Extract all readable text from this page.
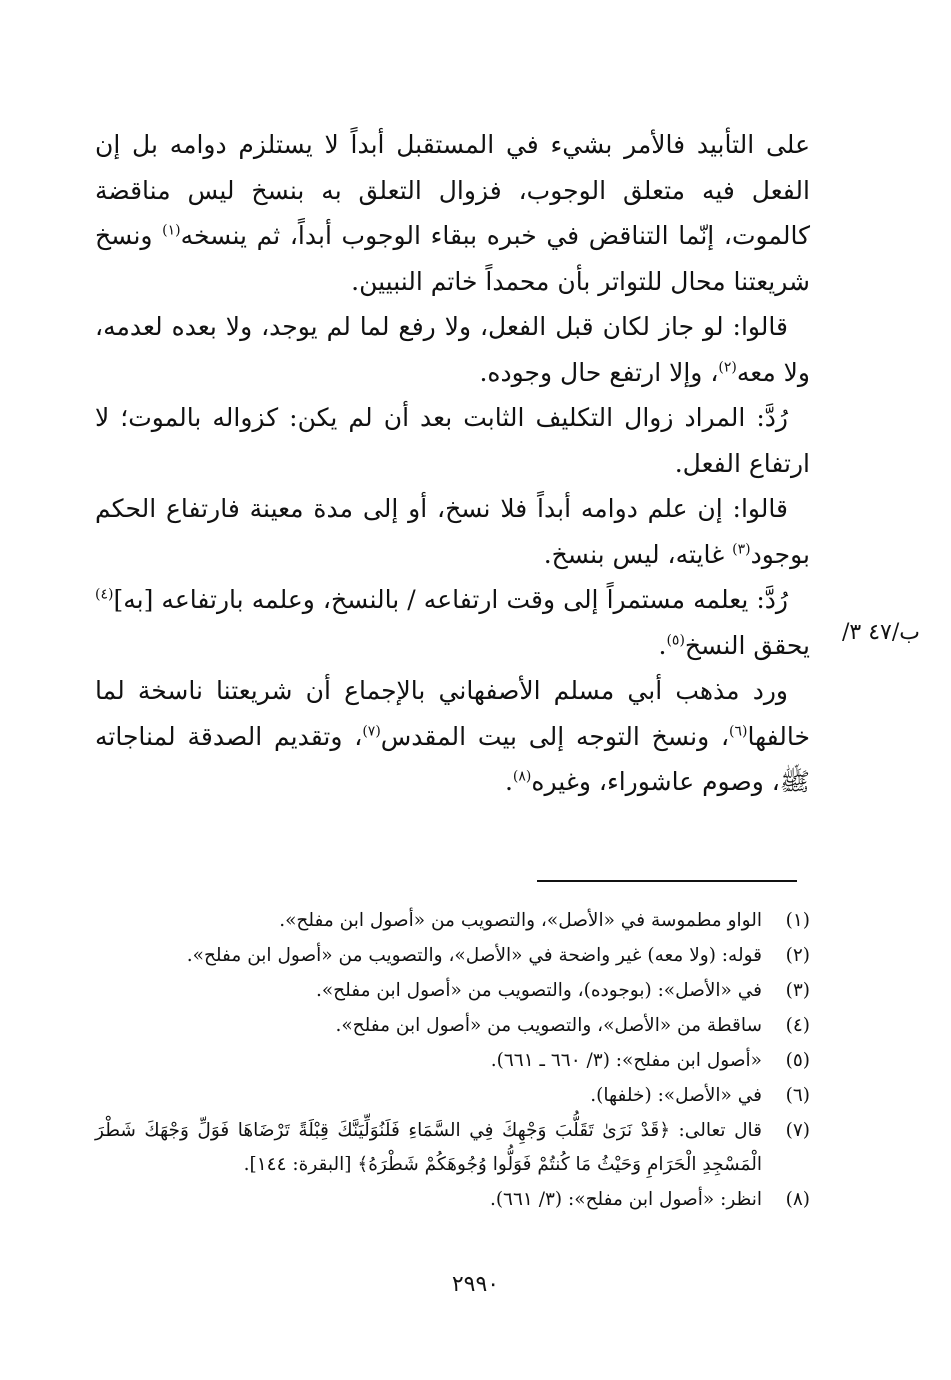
على التأبيد فالأمر بشيء في المستقبل أبداً لا يستلزم دوامه بل إن الفعل فيه متعلق الوجوب، فزوال التعلق به بنسخ ليس مناقضة كالموت، إنّما التناقض في خبره ببقاء الوجوب أبداً، ثم ينسخه$^{(١)}$ ونسخ شريعتنا محال للتواتر بأن محمداً خاتم النبيين.

قالوا: لو جاز لكان قبل الفعل، ولا رفع لما لم يوجد، ولا بعده لعدمه، ولا معه$^{(٢)}$، وإلا ارتفع حال وجوده.

رُدَّ: المراد زوال التكليف الثابت بعد أن لم يكن: كزواله بالموت؛ لا ارتفاع الفعل.

قالوا: إن علم دوامه أبداً فلا نسخ، أو إلى مدة معينة فارتفاع الحكم بوجود$^{(٣)}$ غايته، ليس بنسخ.

رُدَّ: يعلمه مستمراً إلى وقت ارتفاعه / بالنسخ، وعلمه بارتفاعه [به]$^{(٤)}$ يحقق النسخ$^{(٥)}$.

ورد مذهب أبي مسلم الأصفهاني بالإجماع أن شريعتنا ناسخة لما خالفها$^{(٦)}$، ونسخ التوجه إلى بيت المقدس$^{(٧)}$، وتقديم الصدقة لمناجاته ﷺ، وصوم عاشوراء، وغيره$^{(٨)}$.

ب/٤٧ ٣/
(١)
الواو مطموسة في «الأصل»، والتصويب من «أصول ابن مفلح».
(٢)
قوله: (ولا معه) غير واضحة في «الأصل»، والتصويب من «أصول ابن مفلح».
(٣)
في «الأصل»: (بوجوده)، والتصويب من «أصول ابن مفلح».
(٤)
ساقطة من «الأصل»، والتصويب من «أصول ابن مفلح».
(٥)
«أصول ابن مفلح»: (٣/ ٦٦٠ ـ ٦٦١).
(٦)
في «الأصل»: (خلفها).
(٧)
قال تعالى: ﴿قَدْ نَرَىٰ تَقَلُّبَ وَجْهِكَ فِي السَّمَاءِ فَلَنُوَلِّيَنَّكَ قِبْلَةً تَرْضَاهَا فَوَلِّ وَجْهَكَ شَطْرَ الْمَسْجِدِ الْحَرَامِ وَحَيْثُ مَا كُنتُمْ فَوَلُّوا وُجُوهَكُمْ شَطْرَهُ﴾ [البقرة: ١٤٤].
(٨)
انظر: «أصول ابن مفلح»: (٣/ ٦٦١).
٢٩٩٠
